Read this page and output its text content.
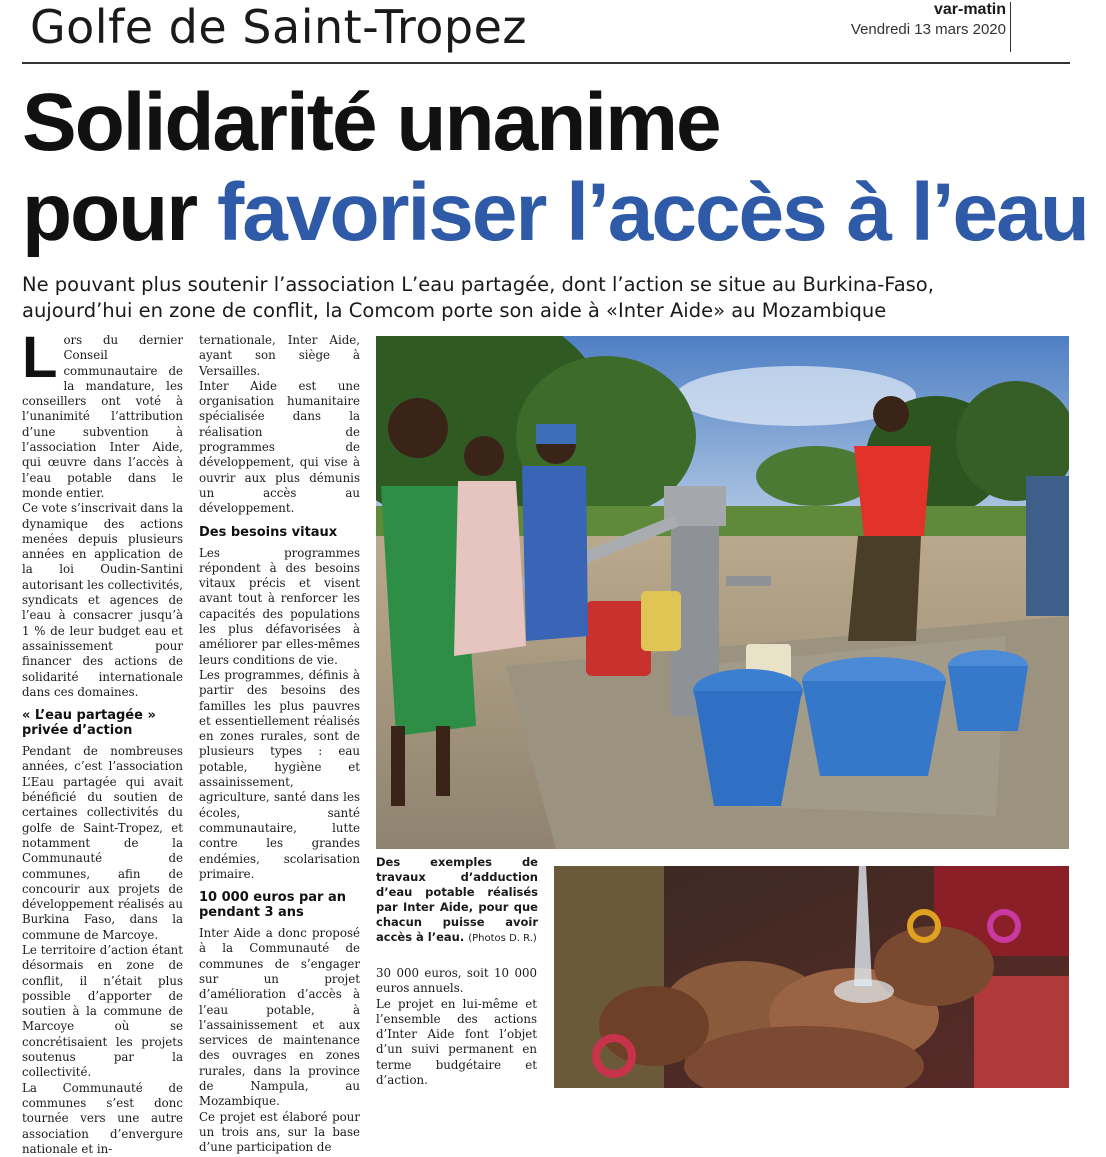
Golfe de Saint-Tropez	var-matin
Vendredi 13 mars 2020
Solidarité unanime
pour favoriser l’accès à l’eau
Ne pouvant plus soutenir l’association L’eau partagée, dont l’action se situe au Burkina-Faso,
aujourd’hui en zone de conflit, la Comcom porte son aide à «Inter Aide» au Mozambique
L ors du dernier Conseil communautaire de la mandature, les conseillers ont voté à l’unanimité l’attribution d’une subvention à l’association Inter Aide, qui œuvre dans l’accès à l’eau potable dans le monde entier.

Ce vote s’inscrivait dans la dynamique des actions menées depuis plusieurs années en application de la loi Oudin-Santini autorisant les collectivités, syndicats et agences de l’eau à consacrer jusqu’à 1 % de leur budget eau et assainissement pour financer des actions de solidarité internationale dans ces domaines.

« L’eau partagée » privée d’action

Pendant de nombreuses années, c’est l’association L’Eau partagée qui avait bénéficié du soutien de certaines collectivités du golfe de Saint-Tropez, et notamment de la Communauté de communes, afin de concourir aux projets de développement réalisés au Burkina Faso, dans la commune de Marcoye.

Le territoire d’action étant désormais en zone de conflit, il n’était plus possible d’apporter de soutien à la commune de Marcoye où se concrétisaient les projets soutenus par la collectivité.

La Communauté de communes s’est donc tournée vers une autre association d’envergure nationale et in-

ternationale, Inter Aide, ayant son siège à Versailles.

Inter Aide est une organisation humanitaire spécialisée dans la réalisation de programmes de développement, qui vise à ouvrir aux plus démunis un accès au développement.

Des besoins vitaux

Les programmes répondent à des besoins vitaux précis et visent avant tout à renforcer les capacités des populations les plus défavorisées à améliorer par elles-mêmes leurs conditions de vie.

Les programmes, définis à partir des besoins des familles les plus pauvres et essentiellement réalisés en zones rurales, sont de plusieurs types : eau potable, hygiène et assainissement, agriculture, santé dans les écoles, santé communautaire, lutte contre les grandes endémies, scolarisation primaire.

10 000 euros par an pendant 3 ans

Inter Aide a donc proposé à la Communauté de communes de s’engager sur un projet d’amélioration d’accès à l’eau potable, à l’assainissement et aux services de maintenance des ouvrages en zones rurales, dans la province de Nampula, au Mozambique.

Ce projet est élaboré pour un trois ans, sur la base d’une participation de

Des exemples de travaux d’adduction d’eau potable réalisés par Inter Aide, pour que chacun puisse avoir accès à l’eau. (Photos D. R.)

30 000 euros, soit 10 000 euros annuels.

Le projet en lui-même et l’ensemble des actions d’Inter Aide font l’objet d’un suivi permanent en terme budgétaire et d’action.
